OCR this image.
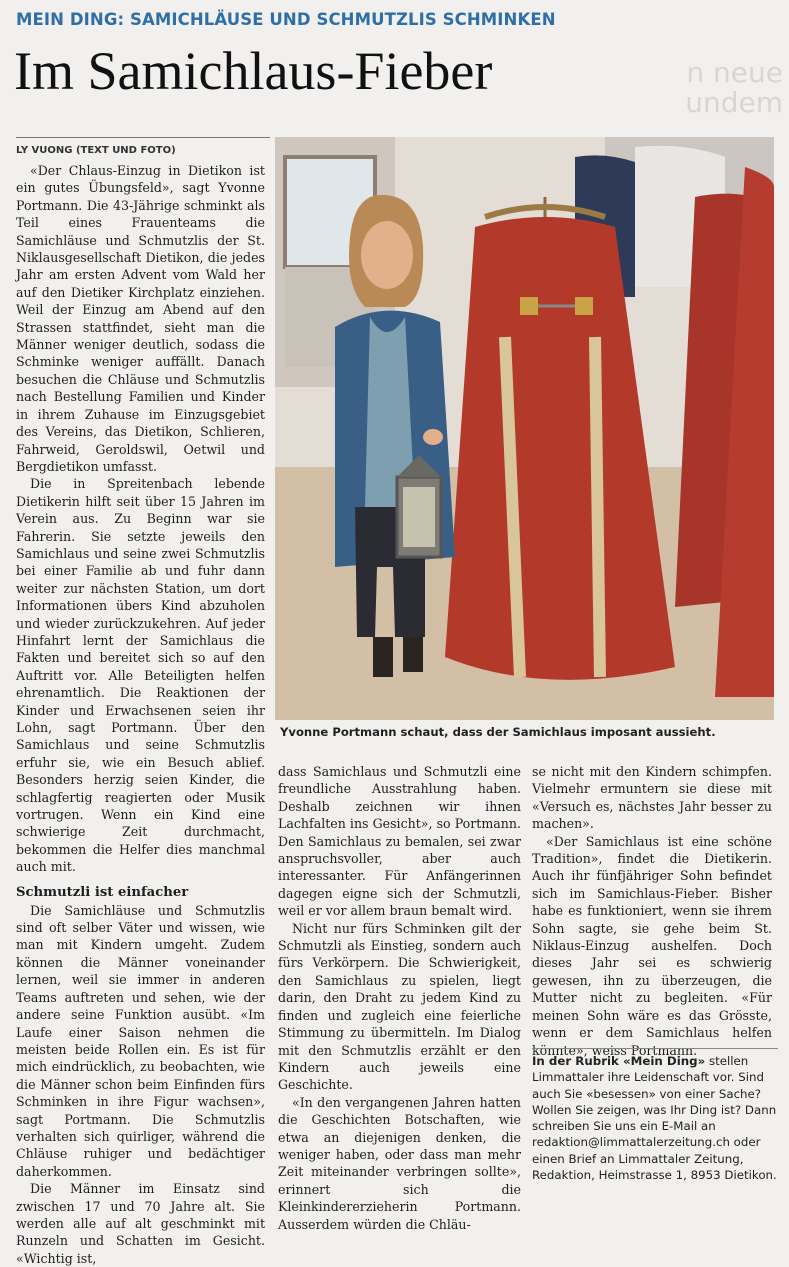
MEIN DING: SAMICHLÄUSE UND SCHMUTZLIS SCHMINKEN
Im Samichlaus-Fieber	n neue
undem
LY VUONG (TEXT UND FOTO)

«Der Chlaus-Einzug in Dietikon ist ein gutes Übungsfeld», sagt Yvonne Portmann. Die 43-Jährige schminkt als Teil eines Frauenteams die Samichläuse und Schmutzlis der St. Niklausgesellschaft Dietikon, die jedes Jahr am ersten Advent vom Wald her auf den Dietiker Kirchplatz einziehen. Weil der Einzug am Abend auf den Strassen stattfindet, sieht man die Männer weniger deutlich, sodass die Schminke weniger auffällt. Danach besuchen die Chläuse und Schmutzlis nach Bestellung Familien und Kinder in ihrem Zuhause im Einzugsgebiet des Vereins, das Dietikon, Schlieren, Fahrweid, Geroldswil, Oetwil und Bergdietikon umfasst.

Die in Spreitenbach lebende Dietikerin hilft seit über 15 Jahren im Verein aus. Zu Beginn war sie Fahrerin. Sie setzte jeweils den Samichlaus und seine zwei Schmutzlis bei einer Familie ab und fuhr dann weiter zur nächsten Station, um dort Informationen übers Kind abzuholen und wieder zurückzukehren. Auf jeder Hinfahrt lernt der Samichlaus die Fakten und bereitet sich so auf den Auftritt vor. Alle Beteiligten helfen ehrenamtlich. Die Reaktionen der Kinder und Erwachsenen seien ihr Lohn, sagt Portmann. Über den Samichlaus und seine Schmutzlis erfuhr sie, wie ein Besuch ablief. Besonders herzig seien Kinder, die schlagfertig reagierten oder Musik vortrugen. Wenn ein Kind eine schwierige Zeit durchmacht, bekommen die Helfer dies manchmal auch mit.

Schmutzli ist einfacher

Die Samichläuse und Schmutzlis sind oft selber Väter und wissen, wie man mit Kindern umgeht. Zudem können die Männer voneinander lernen, weil sie immer in anderen Teams auftreten und sehen, wie der andere seine Funktion ausübt. «Im Laufe einer Saison nehmen die meisten beide Rollen ein. Es ist für mich eindrücklich, zu beobachten, wie die Männer schon beim Einfinden fürs Schminken in ihre Figur wachsen», sagt Portmann. Die Schmutzlis verhalten sich quirliger, während die Chläuse ruhiger und bedächtiger daherkommen.

Die Männer im Einsatz sind zwischen 17 und 70 Jahre alt. Sie werden alle auf alt geschminkt mit Runzeln und Schatten im Gesicht. «Wichtig ist,

Yvonne Portmann schaut, dass der Samichlaus imposant aussieht.

dass Samichlaus und Schmutzli eine freundliche Ausstrahlung haben. Deshalb zeichnen wir ihnen Lachfalten ins Gesicht», so Portmann. Den Samichlaus zu bemalen, sei zwar anspruchsvoller, aber auch interessanter. Für Anfängerinnen dagegen eigne sich der Schmutzli, weil er vor allem braun bemalt wird.

Nicht nur fürs Schminken gilt der Schmutzli als Einstieg, sondern auch fürs Verkörpern. Die Schwierigkeit, den Samichlaus zu spielen, liegt darin, den Draht zu jedem Kind zu finden und zugleich eine feierliche Stimmung zu übermitteln. Im Dialog mit den Schmutzlis erzählt er den Kindern auch jeweils eine Geschichte.

«In den vergangenen Jahren hatten die Geschichten Botschaften, wie etwa an diejenigen denken, die weniger haben, oder dass man mehr Zeit miteinander verbringen sollte», erinnert sich die Kleinkindererzieherin Portmann. Ausserdem würden die Chläu-

se nicht mit den Kindern schimpfen. Vielmehr ermuntern sie diese mit «Versuch es, nächstes Jahr besser zu machen».

«Der Samichlaus ist eine schöne Tradition», findet die Dietikerin. Auch ihr fünfjähriger Sohn befindet sich im Samichlaus-Fieber. Bisher habe es funktioniert, wenn sie ihrem Sohn sagte, sie gehe beim St. Niklaus-Einzug aushelfen. Doch dieses Jahr sei es schwierig gewesen, ihn zu überzeugen, die Mutter nicht zu begleiten. «Für meinen Sohn wäre es das Grösste, wenn er dem Samichlaus helfen könnte», weiss Portmann.

In der Rubrik «Mein Ding» stellen Limmattaler ihre Leidenschaft vor. Sind auch Sie «besessen» von einer Sache? Wollen Sie zeigen, was Ihr Ding ist? Dann schreiben Sie uns ein E-Mail an redaktion@limmattalerzeitung.ch oder einen Brief an Limmattaler Zeitung, Redaktion, Heimstrasse 1, 8953 Dietikon.
